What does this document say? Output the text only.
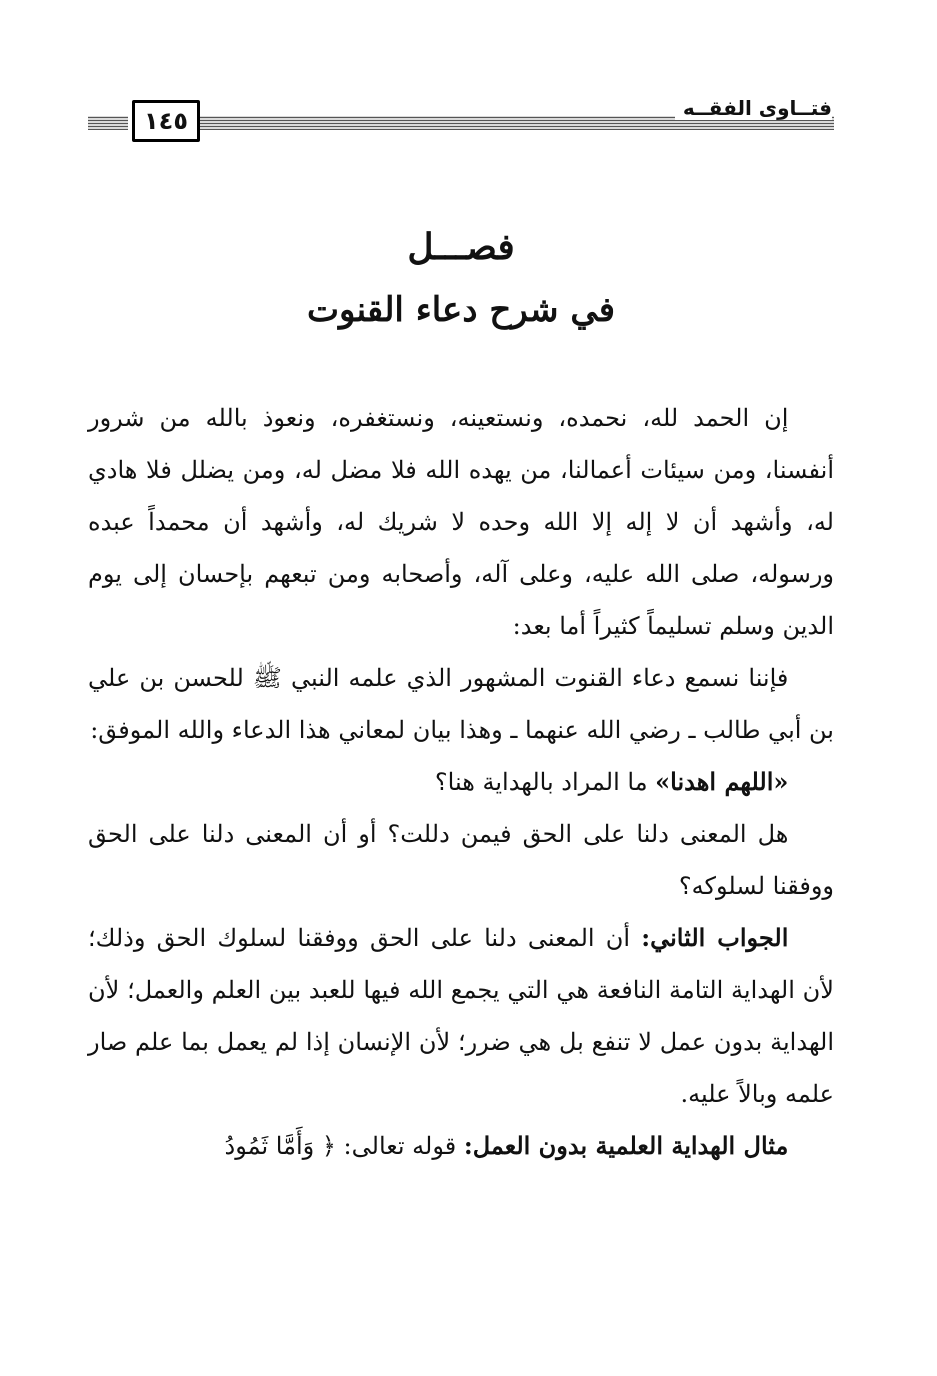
١٤٥	فتــاوى الفقــه
فصـــل
في شرح دعاء القنوت

إن الحمد لله، نحمده، ونستعينه، ونستغفره، ونعوذ بالله من شرور أنفسنا، ومن سيئات أعمالنا، من يهده الله فلا مضل له، ومن يضلل فلا هادي له، وأشهد أن لا إله إلا الله وحده لا شريك له، وأشهد أن محمداً عبده ورسوله، صلى الله عليه، وعلى آله، وأصحابه ومن تبعهم بإحسان إلى يوم الدين وسلم تسليماً كثيراً أما بعد:

فإننا نسمع دعاء القنوت المشهور الذي علمه النبي ﷺ للحسن بن علي بن أبي طالب ـ رضي الله عنهما ـ وهذا بيان لمعاني هذا الدعاء والله الموفق:

«اللهم اهدنا» ما المراد بالهداية هنا؟

هل المعنى دلنا على الحق فيمن دللت؟ أو أن المعنى دلنا على الحق ووفقنا لسلوكه؟

الجواب الثاني: أن المعنى دلنا على الحق ووفقنا لسلوك الحق وذلك؛ لأن الهداية التامة النافعة هي التي يجمع الله فيها للعبد بين العلم والعمل؛ لأن الهداية بدون عمل لا تنفع بل هي ضرر؛ لأن الإنسان إذا لم يعمل بما علم صار علمه وبالاً عليه.

مثال الهداية العلمية بدون العمل: قوله تعالى: ﴿ وَأَمَّا ثَمُودُ
